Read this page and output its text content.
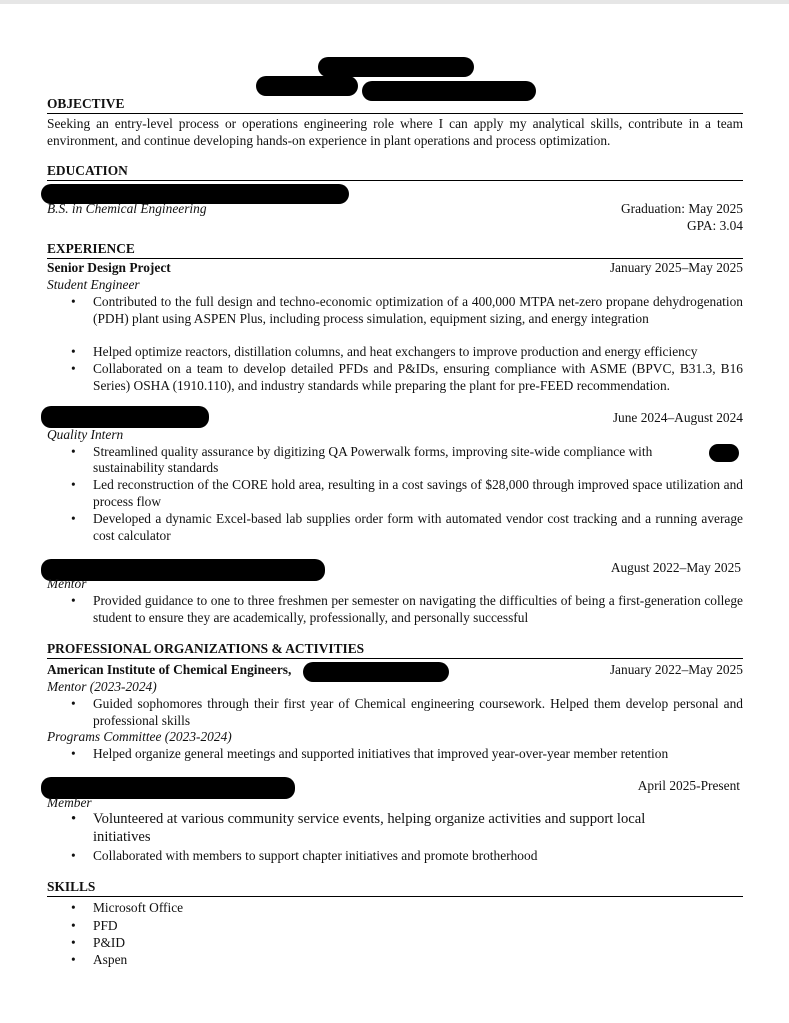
OBJECTIVE
Seeking an entry-level process or operations engineering role where I can apply my analytical skills, contribute in a team environment, and continue developing hands-on experience in plant operations and process optimization.
EDUCATION
B.S. in Chemical Engineering	Graduation: May 2025
GPA: 3.04
EXPERIENCE
Senior Design Project	January 2025–May 2025
Student Engineer
• Contributed to the full design and techno-economic optimization of a 400,000 MTPA net-zero propane dehydrogenation (PDH) plant using ASPEN Plus, including process simulation, equipment sizing, and energy integration
• Helped optimize reactors, distillation columns, and heat exchangers to improve production and energy efficiency
• Collaborated on a team to develop detailed PFDs and P&IDs, ensuring compliance with ASME (BPVC, B31.3, B16 Series) OSHA (1910.110), and industry standards while preparing the plant for pre-FEED recommendation.
June 2024–August 2024
Quality Intern
• Streamlined quality assurance by digitizing QA Powerwalk forms, improving site-wide compliance with
sustainability standards
• Led reconstruction of the CORE hold area, resulting in a cost savings of $28,000 through improved space utilization and process flow
• Developed a dynamic Excel-based lab supplies order form with automated vendor cost tracking and a running average cost calculator
August 2022–May 2025
Mentor
• Provided guidance to one to three freshmen per semester on navigating the difficulties of being a first-generation college student to ensure they are academically, professionally, and personally successful
PROFESSIONAL ORGANIZATIONS & ACTIVITIES
American Institute of Chemical Engineers,	January 2022–May 2025
Mentor (2023-2024)
• Guided sophomores through their first year of Chemical engineering coursework. Helped them develop personal and professional skills
Programs Committee (2023-2024)
• Helped organize general meetings and supported initiatives that improved year-over-year member retention
April 2025-Present
Member
• Volunteered at various community service events, helping organize activities and support local initiatives
• Collaborated with members to support chapter initiatives and promote brotherhood
SKILLS
• Microsoft Office
• PFD
• P&ID
• Aspen
